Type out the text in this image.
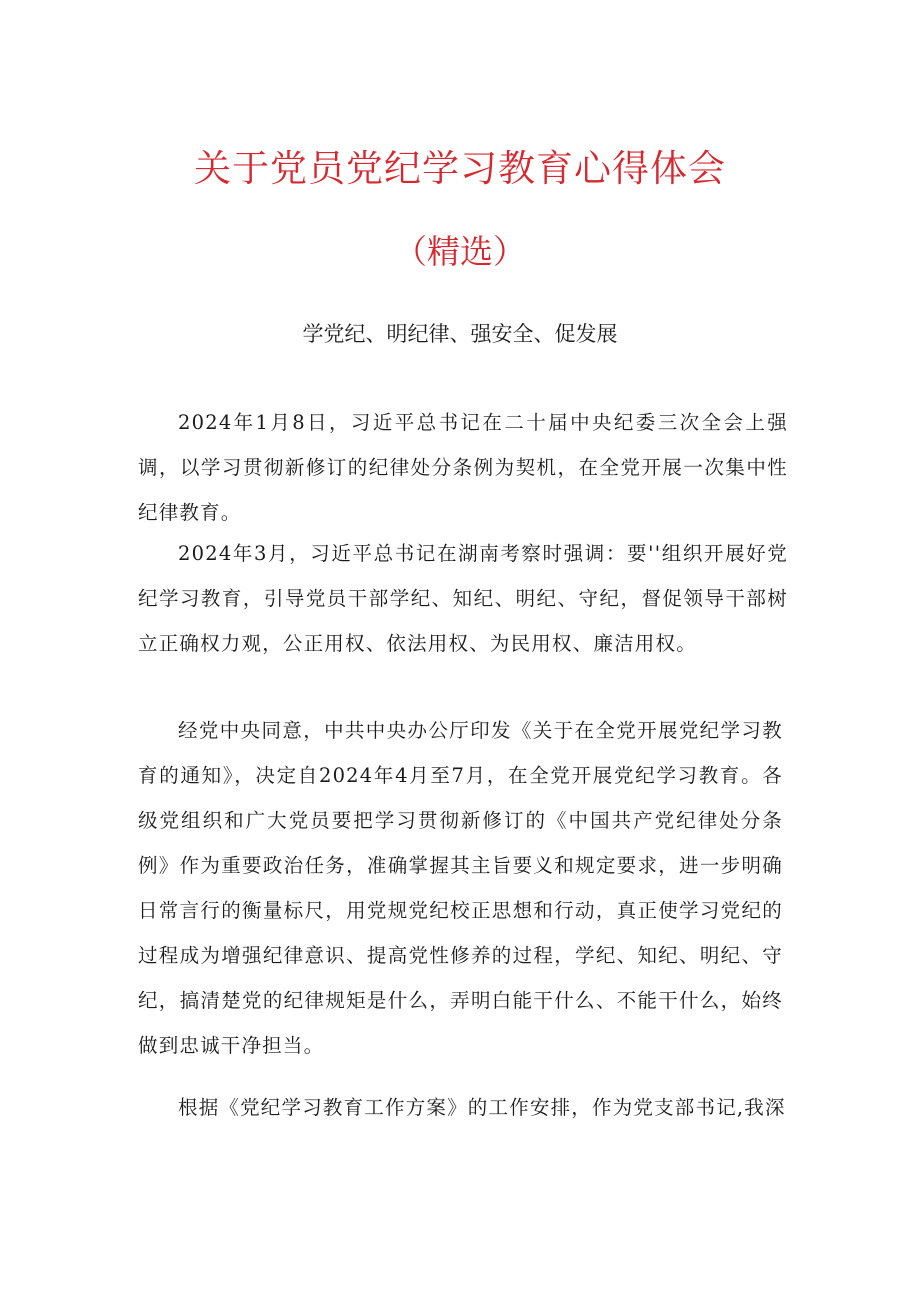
关于党员党纪学习教育心得体会
（精选）

学党纪、明纪律、强安全、促发展

2024年1月8日，习近平总书记在二十届中央纪委三次全会上强调，以学习贯彻新修订的纪律处分条例为契机，在全党开展一次集中性纪律教育。

2024年3月，习近平总书记在湖南考察时强调：要''组织开展好党纪学习教育，引导党员干部学纪、知纪、明纪、守纪，督促领导干部树立正确权力观，公正用权、依法用权、为民用权、廉洁用权。

经党中央同意，中共中央办公厅印发《关于在全党开展党纪学习教育的通知》，决定自2024年4月至7月，在全党开展党纪学习教育。各级党组织和广大党员要把学习贯彻新修订的《中国共产党纪律处分条例》作为重要政治任务，准确掌握其主旨要义和规定要求，进一步明确日常言行的衡量标尺，用党规党纪校正思想和行动，真正使学习党纪的过程成为增强纪律意识、提高党性修养的过程，学纪、知纪、明纪、守纪，搞清楚党的纪律规矩是什么，弄明白能干什么、不能干什么，始终做到忠诚干净担当。

根据《党纪学习教育工作方案》的工作安排，作为党支部书记,我深
